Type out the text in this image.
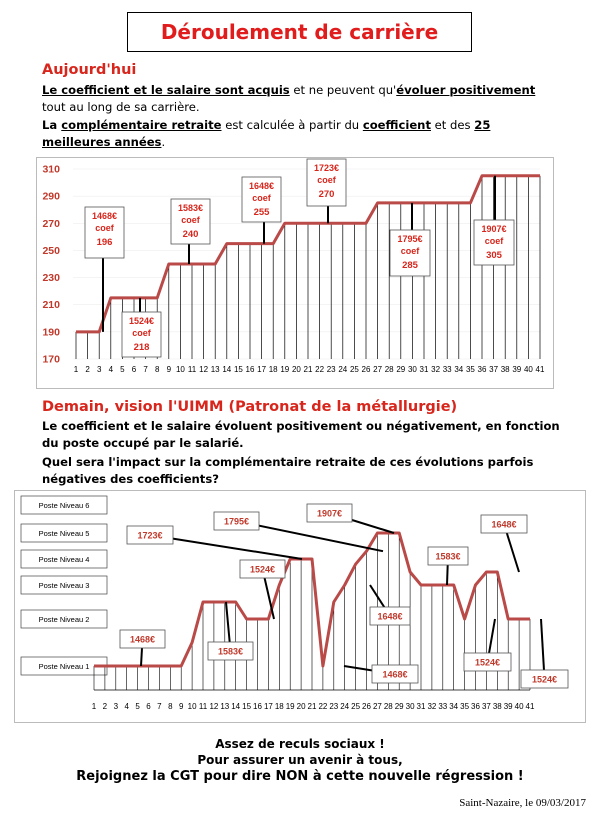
Déroulement de carrière
Aujourd'hui
Le coefficient et le salaire sont acquis et ne peuvent qu'évoluer positivement tout au long de sa carrière.
La complémentaire retraite est calculée à partir du coefficient et des 25 meilleures années.
170
190
210
230
250
270
290
310
1 2 3 4 5 6 7 8 9 10 11 12 13 14 15 16 17 18 19 20 21 22 23 24 25 26 27 28 29 30 31 32 33 34 35 36 37 38 39 40 41
1468€
coef
196
1524€
coef
218
1583€
coef
240
1648€
coef
255
1723€
coef
270
1795€
coef
285
1907€
coef
305
Demain, vision l'UIMM (Patronat de la métallurgie)
Le coefficient et le salaire évoluent positivement ou négativement, en fonction du poste occupé par le salarié.
Quel sera l'impact sur la complémentaire retraite de ces évolutions parfois négatives des coefficients?
Poste Niveau 1
Poste Niveau 2
Poste Niveau 3
Poste Niveau 4
Poste Niveau 5
Poste Niveau 6
1 2 3 4 5 6 7 8 9 10 11 12 13 14 15 16 17 18 19 20 21 22 23 24 25 26 27 28 29 30 31 32 33 34 35 36 37 38 39 40 41
1468€
1583€
1524€
1723€
1795€
1907€
1648€
1468€
1583€
1648€
1524€
1524€
Assez de reculs sociaux !
Pour assurer un avenir à tous,
Rejoignez la CGT pour dire NON à cette nouvelle régression !
Saint-Nazaire, le 09/03/2017
